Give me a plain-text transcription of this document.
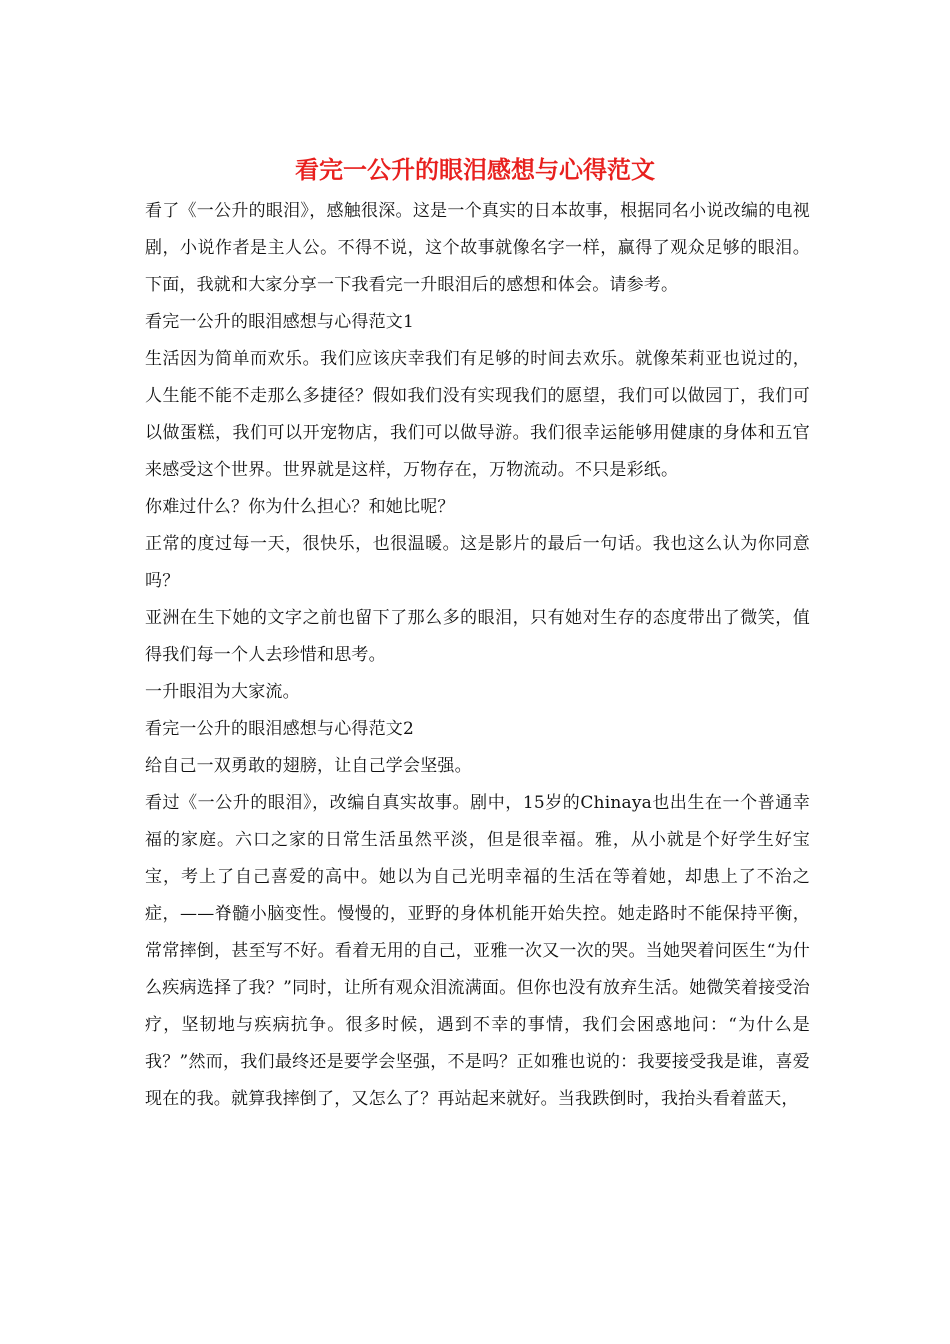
看完一公升的眼泪感想与心得范文

看了《一公升的眼泪》，感触很深。这是一个真实的日本故事，根据同名小说改编的电视剧，小说作者是主人公。不得不说，这个故事就像名字一样，赢得了观众足够的眼泪。下面，我就和大家分享一下我看完一升眼泪后的感想和体会。请参考。

看完一公升的眼泪感想与心得范文1

生活因为简单而欢乐。我们应该庆幸我们有足够的时间去欢乐。就像茱莉亚也说过的，人生能不能不走那么多捷径？假如我们没有实现我们的愿望，我们可以做园丁，我们可以做蛋糕，我们可以开宠物店，我们可以做导游。我们很幸运能够用健康的身体和五官来感受这个世界。世界就是这样，万物存在，万物流动。不只是彩纸。

你难过什么？你为什么担心？和她比呢？

正常的度过每一天，很快乐，也很温暖。这是影片的最后一句话。我也这么认为你同意吗？

亚洲在生下她的文字之前也留下了那么多的眼泪，只有她对生存的态度带出了微笑，值得我们每一个人去珍惜和思考。

一升眼泪为大家流。

看完一公升的眼泪感想与心得范文2

给自己一双勇敢的翅膀，让自己学会坚强。

看过《一公升的眼泪》，改编自真实故事。剧中，15岁的Chinaya也出生在一个普通幸福的家庭。六口之家的日常生活虽然平淡，但是很幸福。雅，从小就是个好学生好宝宝，考上了自己喜爱的高中。她以为自己光明幸福的生活在等着她，却患上了不治之症，——脊髓小脑变性。慢慢的，亚野的身体机能开始失控。她走路时不能保持平衡，常常摔倒，甚至写不好。看着无用的自己，亚雅一次又一次的哭。当她哭着问医生“为什么疾病选择了我？”同时，让所有观众泪流满面。但你也没有放弃生活。她微笑着接受治疗，坚韧地与疾病抗争。很多时候，遇到不幸的事情，我们会困惑地问：“为什么是我？”然而，我们最终还是要学会坚强，不是吗？正如雅也说的：我要接受我是谁，喜爱现在的我。就算我摔倒了，又怎么了？再站起来就好。当我跌倒时，我抬头看着蓝天，
